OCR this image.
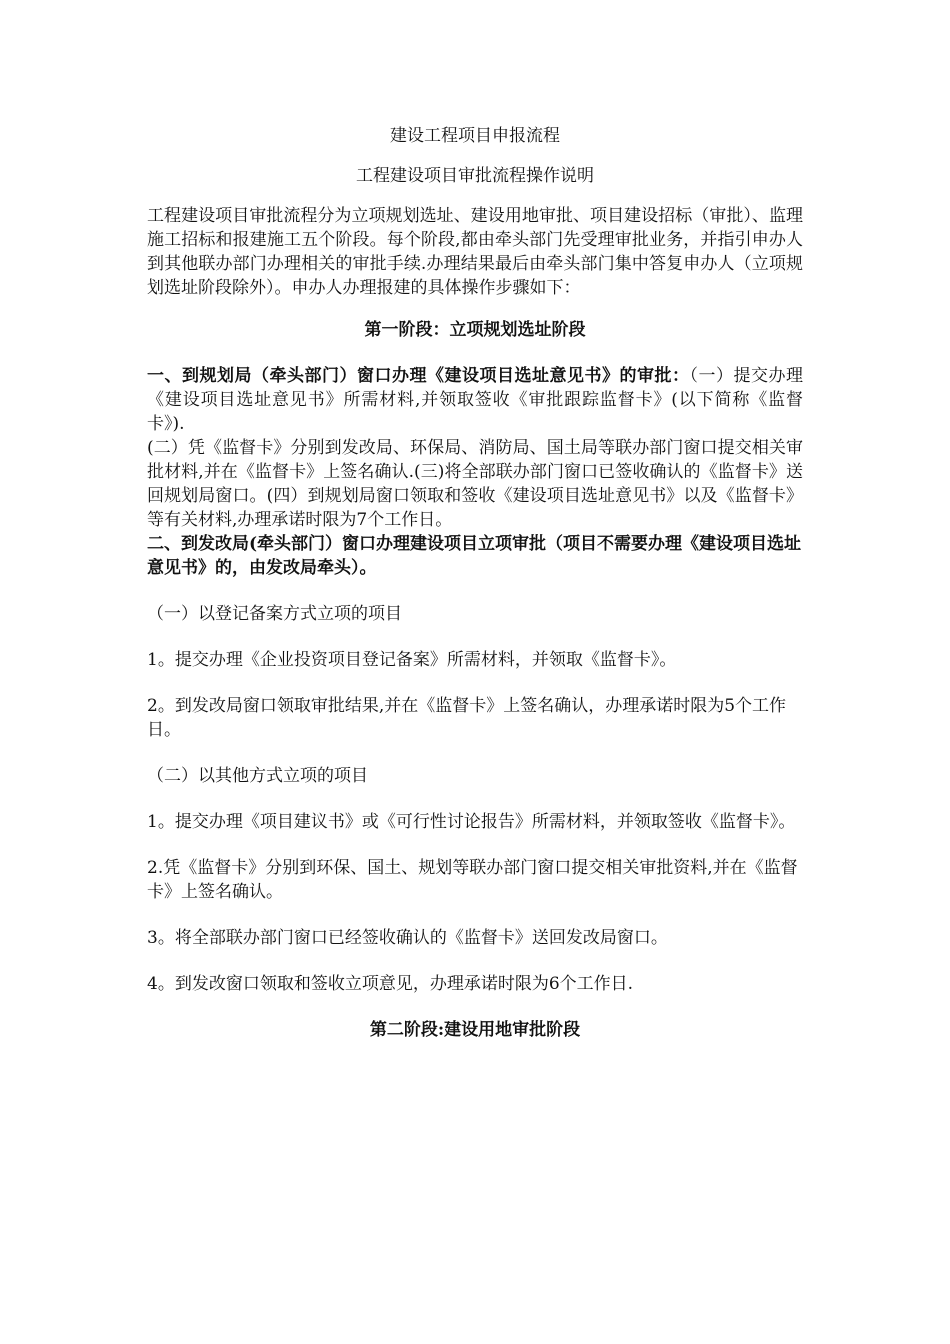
建设工程项目申报流程

工程建设项目审批流程操作说明

工程建设项目审批流程分为立项规划选址、建设用地审批、项目建设招标（审批）、监理施工招标和报建施工五个阶段。每个阶段,都由牵头部门先受理审批业务，并指引申办人到其他联办部门办理相关的审批手续.办理结果最后由牵头部门集中答复申办人（立项规划选址阶段除外）。申办人办理报建的具体操作步骤如下：

第一阶段：立项规划选址阶段

一、到规划局（牵头部门）窗口办理《建设项目选址意见书》的审批：（一）提交办理《建设项目选址意见书》所需材料,并领取签收《审批跟踪监督卡》(以下简称《监督卡》).

(二）凭《监督卡》分别到发改局、环保局、消防局、国土局等联办部门窗口提交相关审批材料,并在《监督卡》上签名确认.(三)将全部联办部门窗口已签收确认的《监督卡》送回规划局窗口。(四）到规划局窗口领取和签收《建设项目选址意见书》以及《监督卡》等有关材料,办理承诺时限为7个工作日。

二、到发改局(牵头部门）窗口办理建设项目立项审批（项目不需要办理《建设项目选址意见书》的，由发改局牵头）。

（一）以登记备案方式立项的项目

1。提交办理《企业投资项目登记备案》所需材料，并领取《监督卡》。

2。到发改局窗口领取审批结果,并在《监督卡》上签名确认，办理承诺时限为5个工作日。

（二）以其他方式立项的项目

1。提交办理《项目建议书》或《可行性讨论报告》所需材料，并领取签收《监督卡》。

2.凭《监督卡》分别到环保、国土、规划等联办部门窗口提交相关审批资料,并在《监督卡》上签名确认。

3。将全部联办部门窗口已经签收确认的《监督卡》送回发改局窗口。

4。到发改窗口领取和签收立项意见，办理承诺时限为6个工作日.

第二阶段:建设用地审批阶段
